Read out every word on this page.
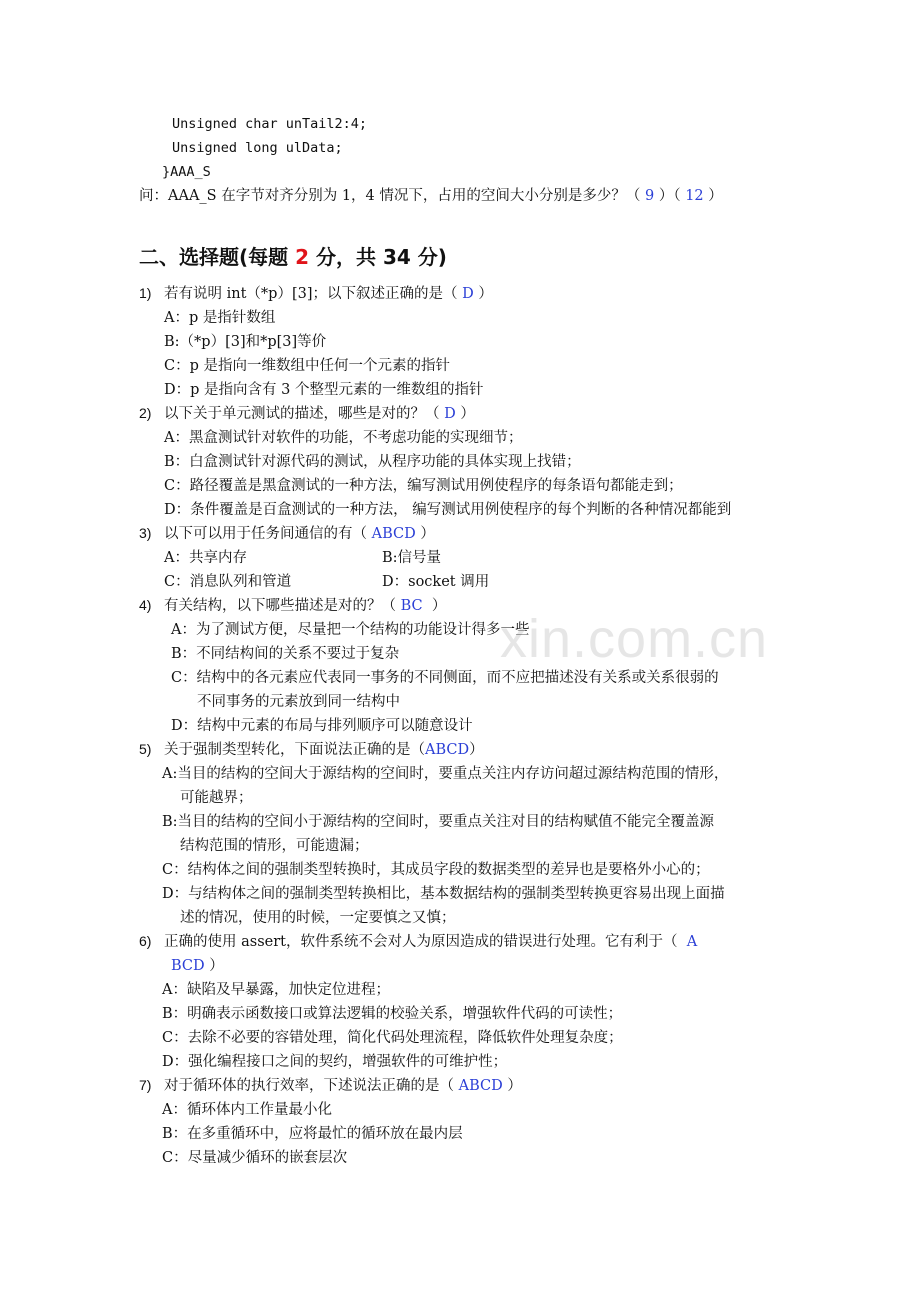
xin.com.cn
Unsigned char unTail2:4;
Unsigned long ulData;
}AAA_S
问：AAA_S 在字节对齐分别为 1，4 情况下，占用的空间大小分别是多少？（ 9 ）（ 12 ）
二、选择题(每题 2 分，共 34 分)
1) 若有说明 int（*p）[3]；以下叙述正确的是（ D ）
A：p 是指针数组
B:（*p）[3]和*p[3]等价
C：p 是指向一维数组中任何一个元素的指针
D：p 是指向含有 3 个整型元素的一维数组的指针
2) 以下关于单元测试的描述，哪些是对的？（ D ）
A：黑盒测试针对软件的功能，不考虑功能的实现细节；
B：白盒测试针对源代码的测试，从程序功能的具体实现上找错；
C：路径覆盖是黑盒测试的一种方法，编写测试用例使程序的每条语句都能走到；
D：条件覆盖是百盒测试的一种方法， 编写测试用例使程序的每个判断的各种情况都能到
3) 以下可以用于任务间通信的有（ ABCD ）
A：共享内存	B:信号量
C：消息队列和管道	D：socket 调用
4) 有关结构，以下哪些描述是对的？（ BC  ）
A：为了测试方便，尽量把一个结构的功能设计得多一些
B：不同结构间的关系不要过于复杂
C：结构中的各元素应代表同一事务的不同侧面，而不应把描述没有关系或关系很弱的
不同事务的元素放到同一结构中
D：结构中元素的布局与排列顺序可以随意设计
5) 关于强制类型转化，下面说法正确的是（ABCD）
A:当目的结构的空间大于源结构的空间时，要重点关注内存访问超过源结构范围的情形，
可能越界；
B:当目的结构的空间小于源结构的空间时，要重点关注对目的结构赋值不能完全覆盖源
结构范围的情形，可能遗漏；
C：结构体之间的强制类型转换时，其成员字段的数据类型的差异也是要格外小心的；
D：与结构体之间的强制类型转换相比，基本数据结构的强制类型转换更容易出现上面描
述的情况，使用的时候，一定要慎之又慎；
6) 正确的使用 assert，软件系统不会对人为原因造成的错误进行处理。它有利于（  A
BCD ）
A：缺陷及早暴露，加快定位进程；
B：明确表示函数接口或算法逻辑的校验关系，增强软件代码的可读性；
C：去除不必要的容错处理，简化代码处理流程，降低软件处理复杂度；
D：强化编程接口之间的契约，增强软件的可维护性；
7) 对于循环体的执行效率，下述说法正确的是（ ABCD ）
A：循环体内工作量最小化
B：在多重循环中，应将最忙的循环放在最内层
C：尽量减少循环的嵌套层次
